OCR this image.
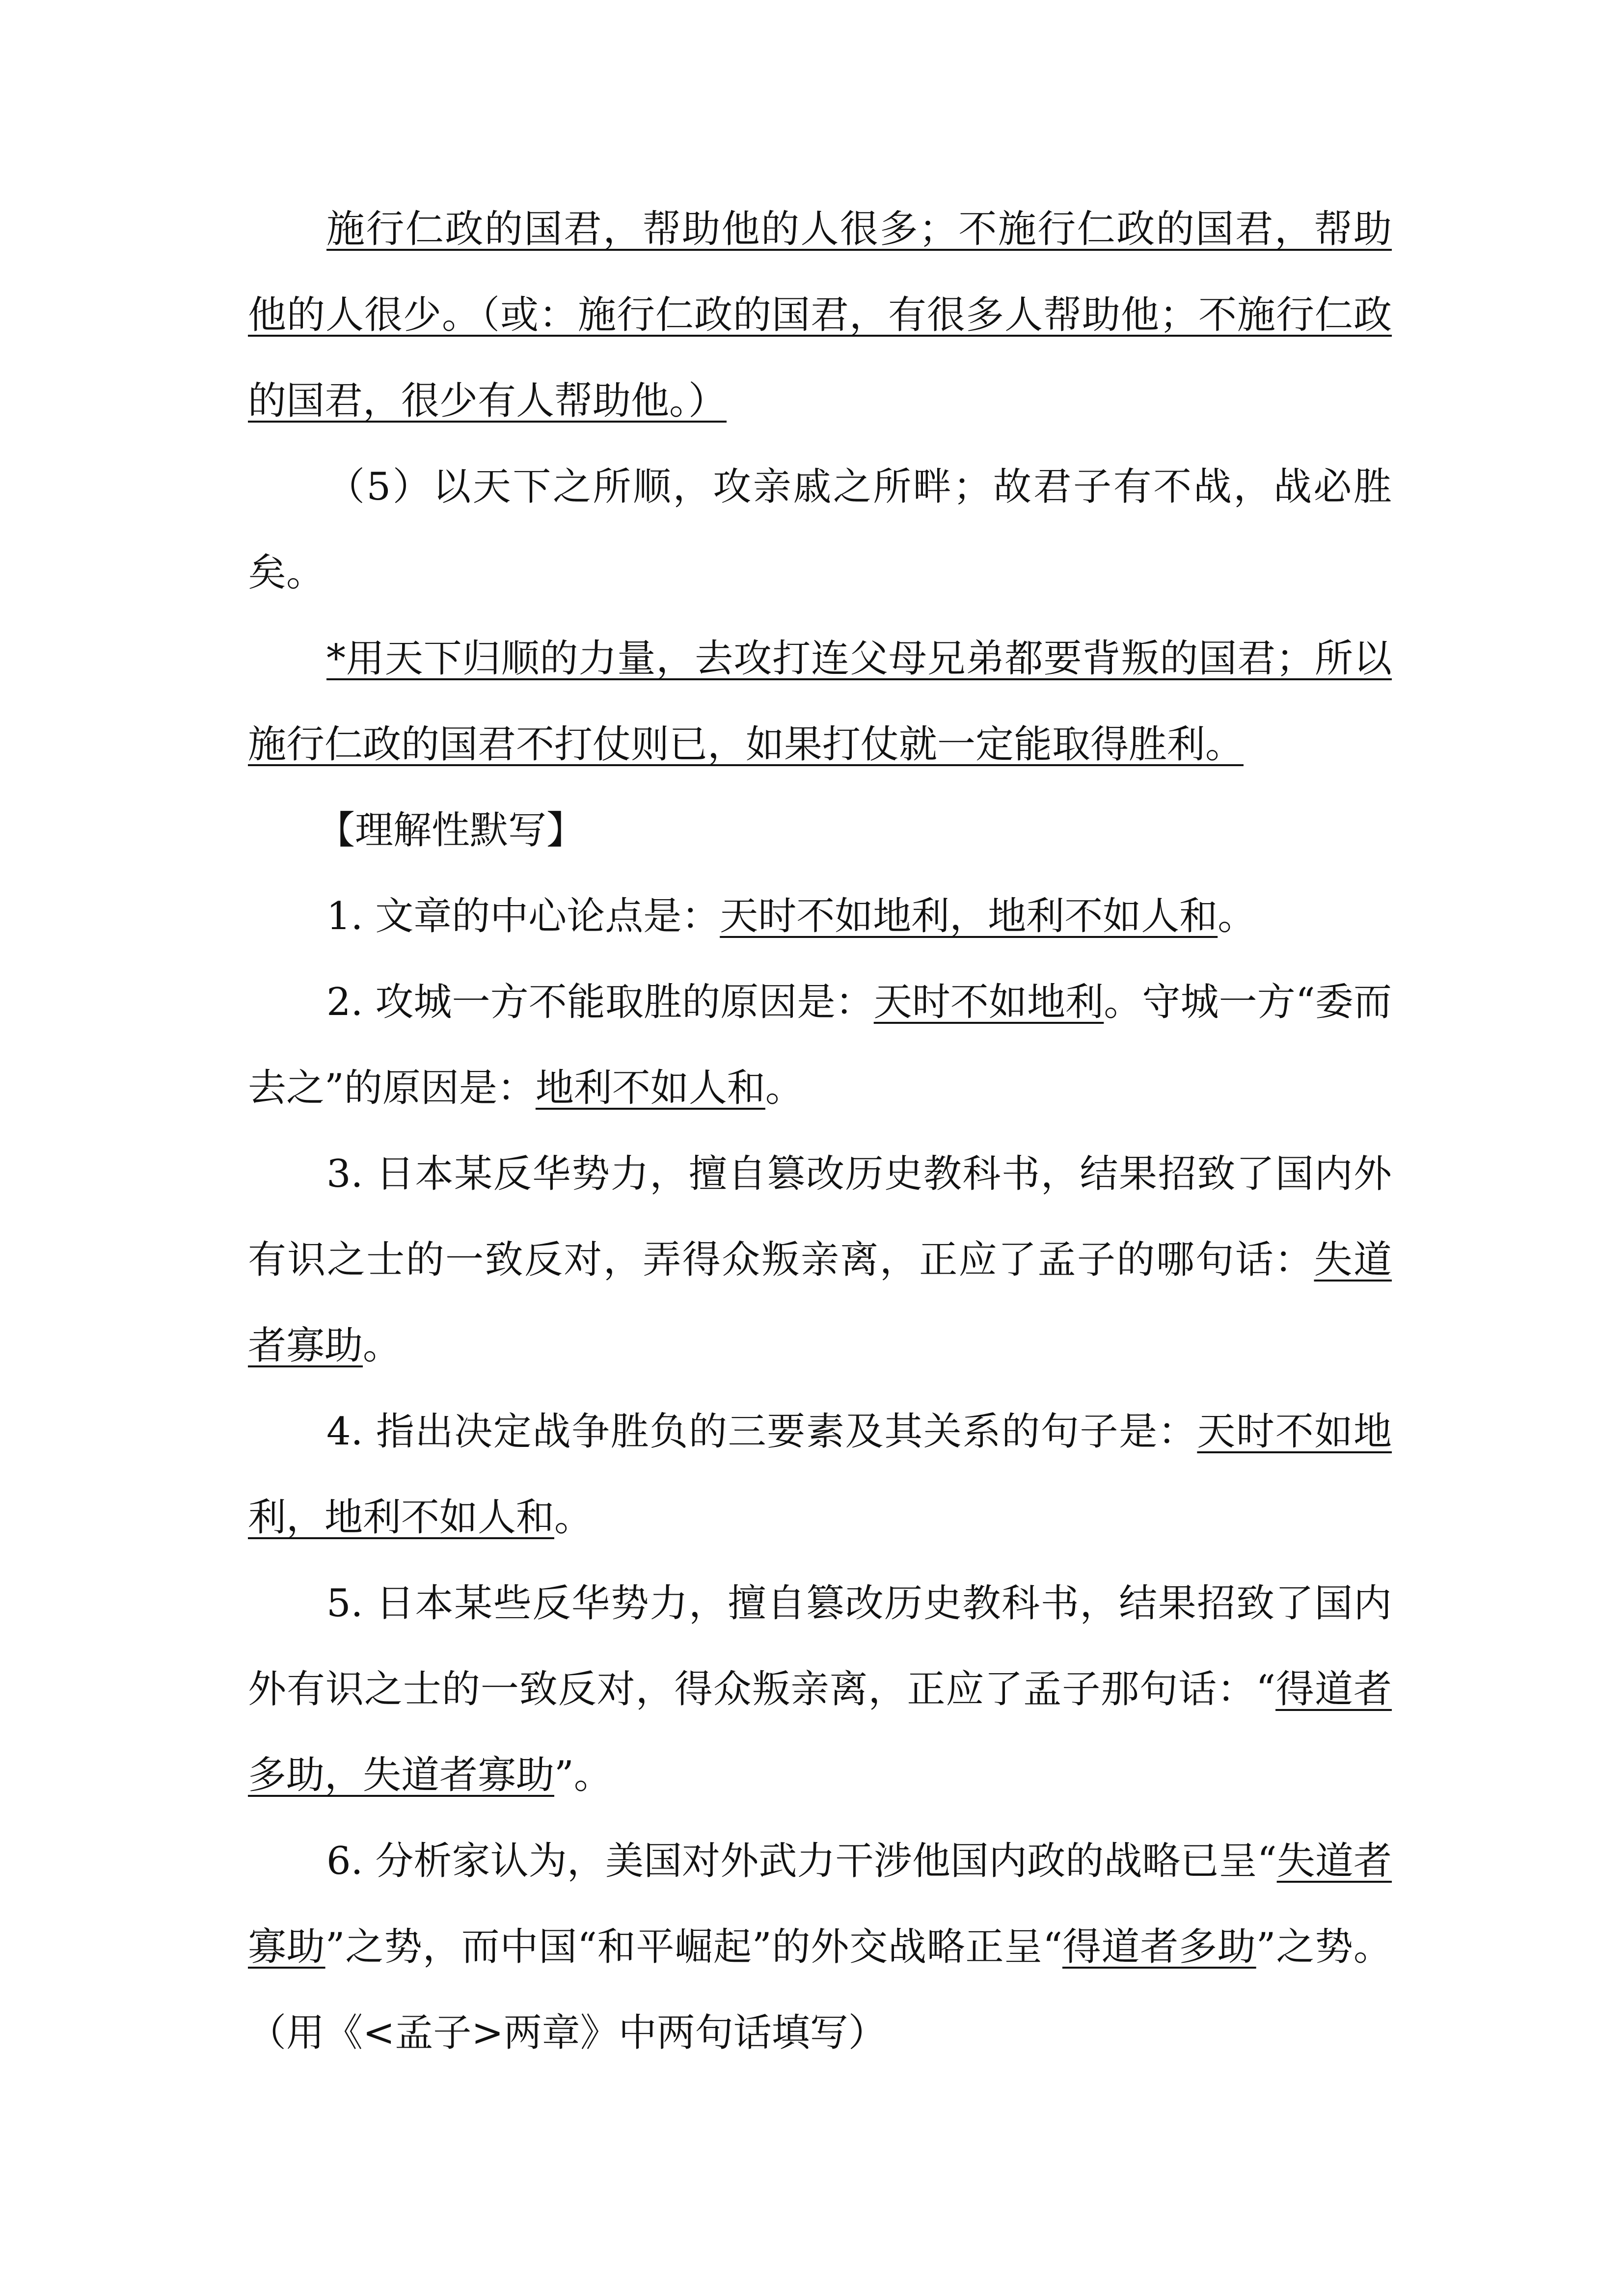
施行仁政的国君，帮助他的人很多；不施行仁政的国君，帮助他的人很少。（或：施行仁政的国君，有很多人帮助他；不施行仁政的国君，很少有人帮助他。）

（5）以天下之所顺，攻亲戚之所畔；故君子有不战，战必胜矣。

*用天下归顺的力量，去攻打连父母兄弟都要背叛的国君；所以施行仁政的国君不打仗则已，如果打仗就一定能取得胜利。

【理解性默写】

1. 文章的中心论点是：天时不如地利，地利不如人和。

2. 攻城一方不能取胜的原因是：天时不如地利。守城一方“委而去之”的原因是：地利不如人和。

3. 日本某反华势力，擅自篡改历史教科书，结果招致了国内外有识之士的一致反对，弄得众叛亲离，正应了孟子的哪句话：失道者寡助。

4. 指出决定战争胜负的三要素及其关系的句子是：天时不如地利，地利不如人和。

5. 日本某些反华势力，擅自篡改历史教科书，结果招致了国内外有识之士的一致反对，得众叛亲离，正应了孟子那句话：“得道者多助，失道者寡助”。

6. 分析家认为，美国对外武力干涉他国内政的战略已呈“失道者寡助”之势，而中国“和平崛起”的外交战略正呈“得道者多助”之势。（用《<孟子>两章》中两句话填写）
